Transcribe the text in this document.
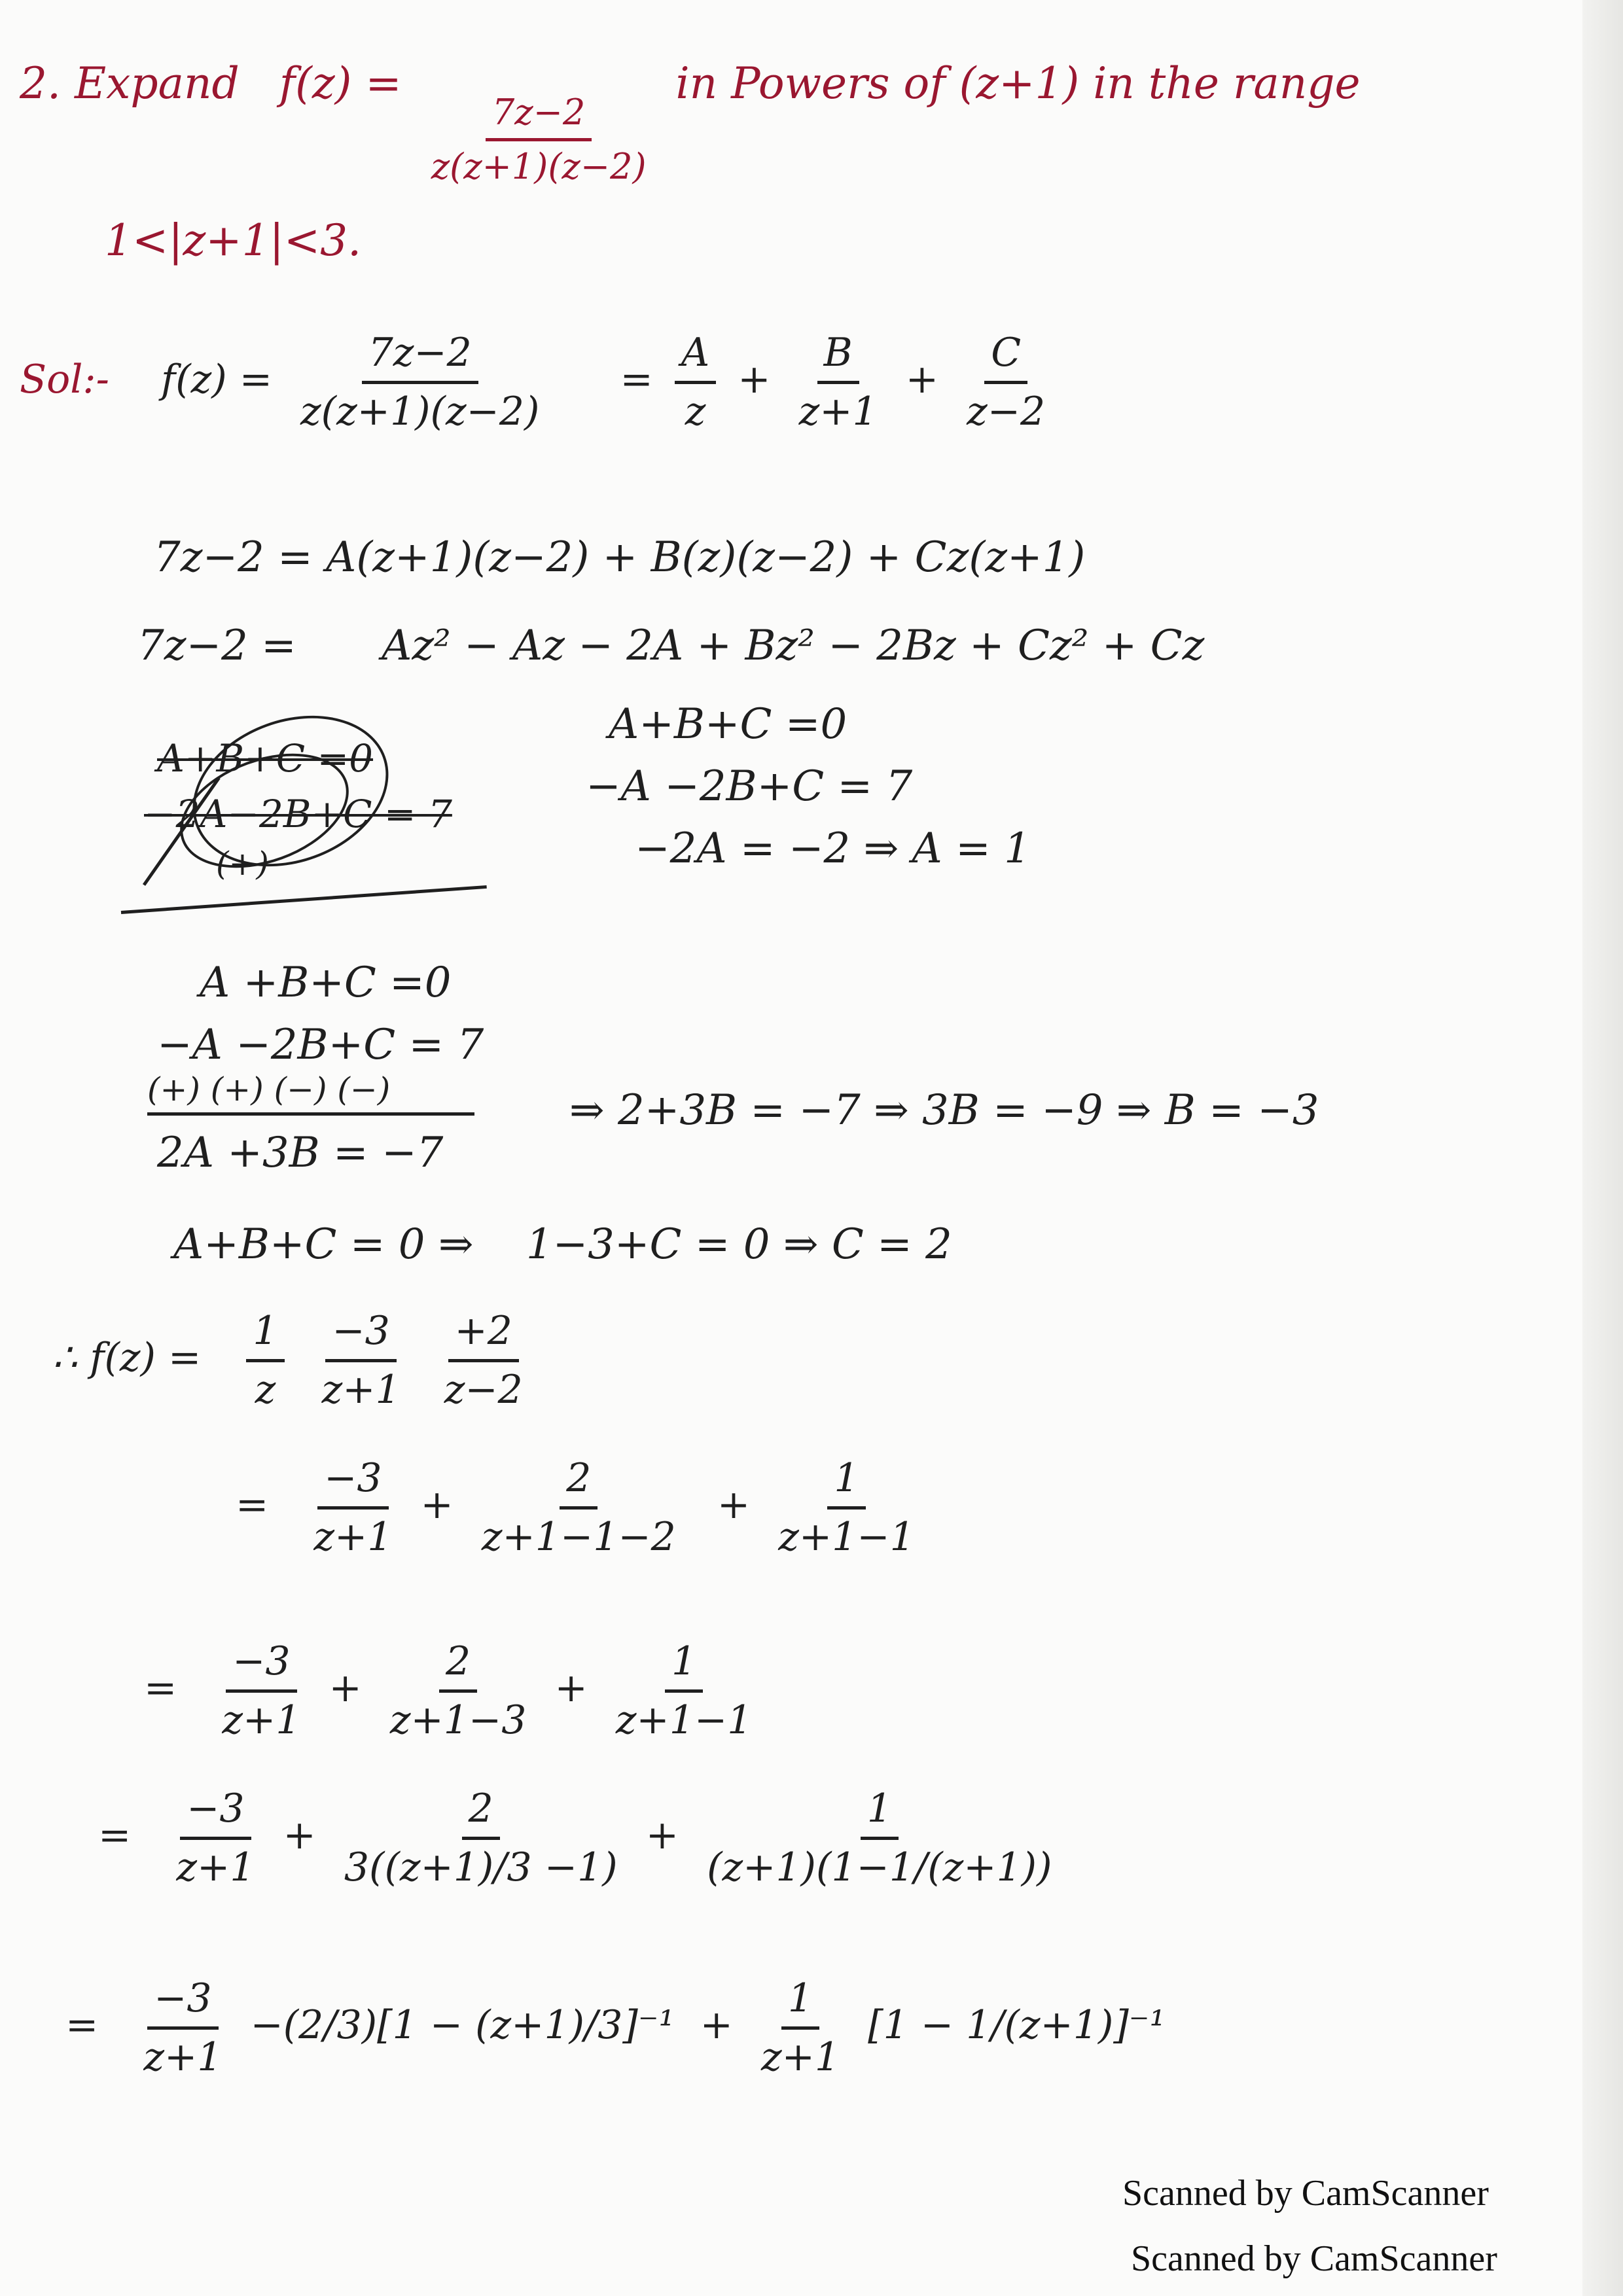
2. Expand f(z) =
$\frac{7z-2}{z(z+1)(z-2)}$
in Powers of (z+1) in the range
1<|z+1|<3.
Sol:- $f(z) = \frac{7z-2}{z(z+1)(z-2)} = \frac{A}{z} + \frac{B}{z+1} + \frac{C}{z-2}$
7z−2 = A(z+1)(z−2) + B(z)(z−2) + Cz(z+1)
7z−2 = Az² − Az − 2A + Bz² − 2Bz + Cz² + Cz
A+B+C =0
−2A−2B+C = 7
(+)
A+B+C =0
−A −2B+C = 7
−2A = −2 ⇒ A = 1
A +B+C =0
−A −2B+C = 7
(+) (+) (−) (−)
2A +3B = −7
⇒ 2+3B = −7 ⇒ 3B = −9 ⇒ B = −3
A+B+C = 0 ⇒ 1−3+C = 0 ⇒ C = 2
∴ $f(z) = \frac{1}{z}$
$\frac{-3}{z+1}$
$\frac{+2}{z-2}$
= $\frac{-3}{z+1} + \frac{2}{z+1-1-2} + \frac{1}{z+1-1}$
= $\frac{-3}{z+1} + \frac{2}{z+1-3} + \frac{1}{z+1-1}$
= $\frac{-3}{z+1} + \frac{2}{3((z+1)/3 -1)} + \frac{1}{(z+1)(1-1/(z+1))}$
= $\frac{-3}{z+1} -(2/3)[1 - (z+1)/3]^{-1} + \frac{1}{z+1} [1 - 1/(z+1)]^{-1}$
Scanned by CamScanner
Scanned by CamScanner
